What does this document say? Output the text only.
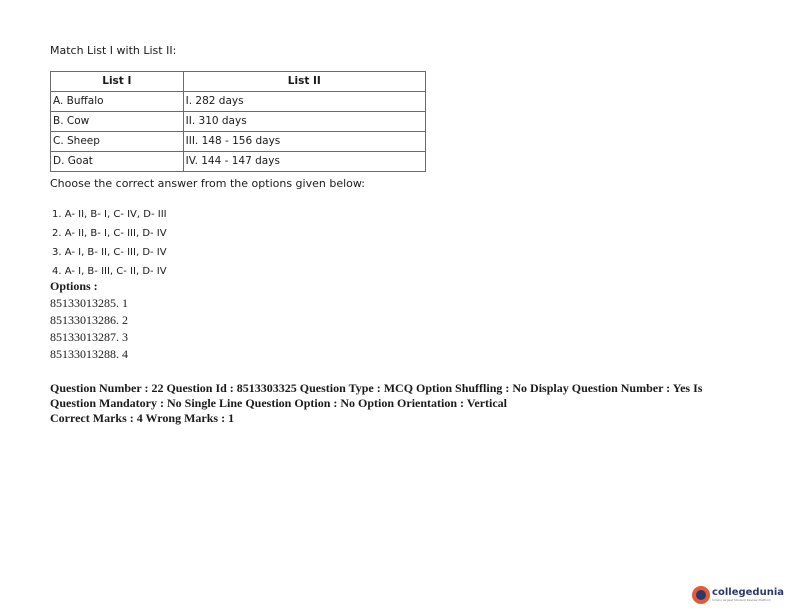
Match List I with List II:
List I	List II
A. Buffalo	I. 282 days
B. Cow	II. 310 days
C. Sheep	III. 148 - 156 days
D. Goat	IV. 144 - 147 days
Choose the correct answer from the options given below:
1. A- II, B- I, C- IV, D- III
2. A- II, B- I, C- III, D- IV
3. A- I, B- II, C- III, D- IV
4. A- I, B- III, C- II, D- IV
Options :
85133013285. 1
85133013286. 2
85133013287. 3
85133013288. 4

Question Number : 22 Question Id : 8513303325 Question Type : MCQ Option Shuffling : No Display Question Number : Yes Is Question Mandatory : No Single Line Question Option : No Option Orientation : Vertical

Correct Marks : 4 Wrong Marks : 1

collegedunia
India's largest Student Review Platform
